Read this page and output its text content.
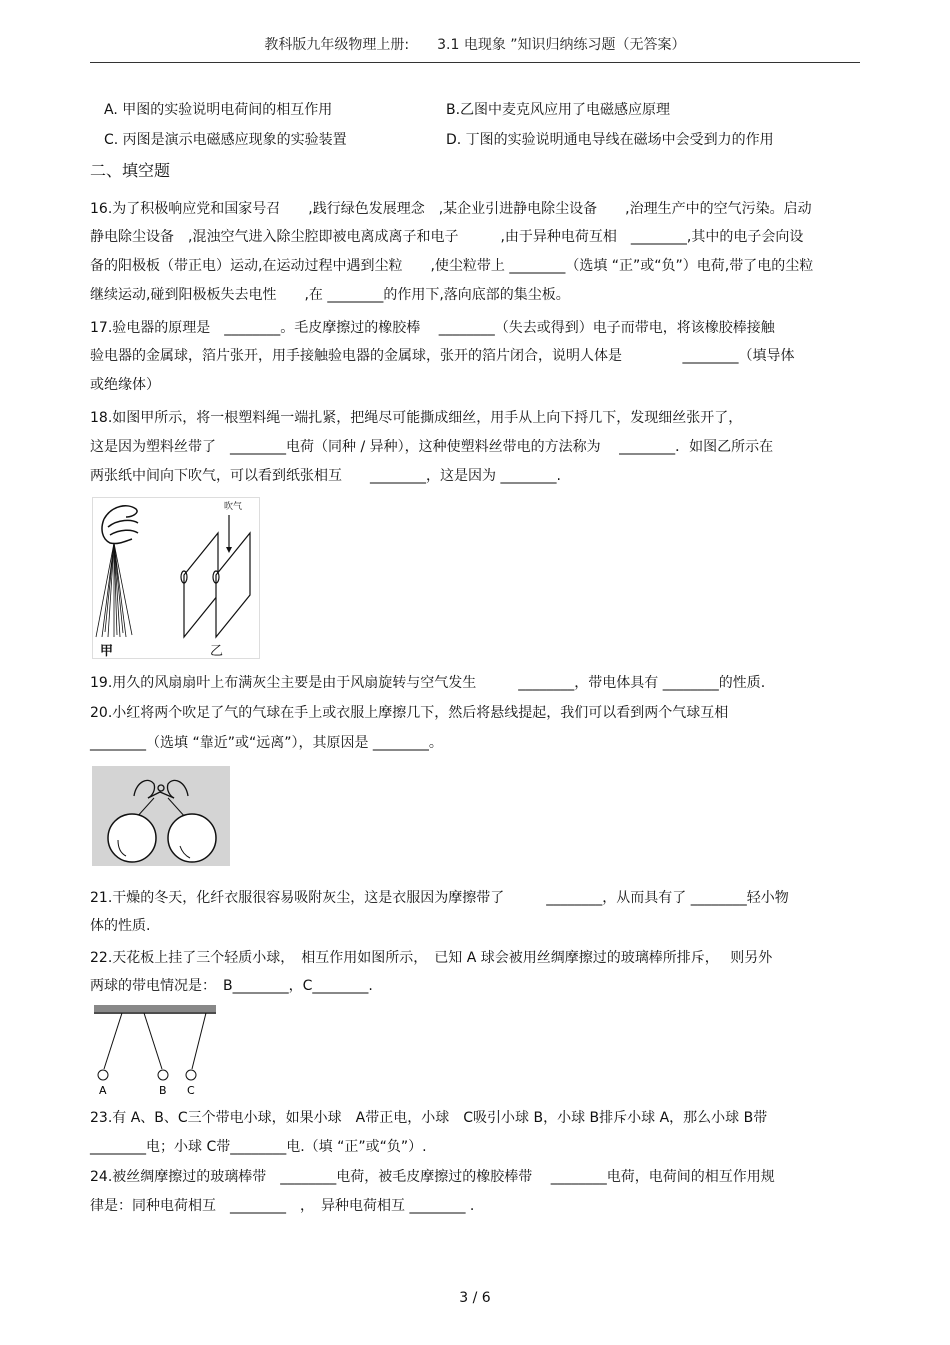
教科版九年级物理上册:　　3.1 电现象 ”知识归纳练习题（无答案）
A. 甲图的实验说明电荷间的相互作用	B.乙图中麦克风应用了电磁感应原理
C. 丙图是演示电磁感应现象的实验装置	D. 丁图的实验说明通电导线在磁场中会受到力的作用
二、填空题
16.为了积极响应党和国家号召　　,践行绿色发展理念　,某企业引进静电除尘设备　　,治理生产中的空气污染。启动
静电除尘设备　,混浊空气进入除尘腔即被电离成离子和电子　　　,由于异种电荷互相　________,其中的电子会向设
备的阳极板（带正电）运动,在运动过程中遇到尘粒　　,使尘粒带上 ________（选填 “正”或“负”）电荷,带了电的尘粒
继续运动,碰到阳极板失去电性　　,在 ________的作用下,落向底部的集尘板。
17.验电器的原理是　________。毛皮摩擦过的橡胶棒　 ________（失去或得到）电子而带电，将该橡胶棒接触
验电器的金属球，箔片张开，用手接触验电器的金属球，张开的箔片闭合，说明人体是　　　　 ________（填导体
或绝缘体）
18.如图甲所示，将一根塑料绳一端扎紧，把绳尽可能撕成细丝，用手从上向下捋几下，发现细丝张开了，
这是因为塑料丝带了　________电荷（同种 / 异种），这种使塑料丝带电的方法称为　 ________．如图乙所示在
两张纸中间向下吹气，可以看到纸张相互　　________，这是因为 ________.
吹气
甲	乙
19.用久的风扇扇叶上布满灰尘主要是由于风扇旋转与空气发生　　　________，带电体具有 ________的性质.
20.小红将两个吹足了气的气球在手上或衣服上摩擦几下，然后将悬线提起，我们可以看到两个气球互相
________（选填 “靠近”或“远离”），其原因是 ________。
21.干燥的冬天，化纤衣服很容易吸附灰尘，这是衣服因为摩擦带了　　　________，从而具有了 ________轻小物
体的性质.
22.天花板上挂了三个轻质小球，　相互作用如图所示，　已知 A 球会被用丝绸摩擦过的玻璃棒所排斥，　 则另外
两球的带电情况是：　B________，C________.
A	B C
23.有 A、B、C三个带电小球，如果小球　A带正电，小球　C吸引小球 B，小球 B排斥小球 A，那么小球 B带
________电；小球 C带________电.（填 “正”或“负”）.
24.被丝绸摩擦过的玻璃棒带　________电荷，被毛皮摩擦过的橡胶棒带　 ________电荷，电荷间的相互作用规
律是：同种电荷相互　________　，　异种电荷相互 ________ .
3 / 6
